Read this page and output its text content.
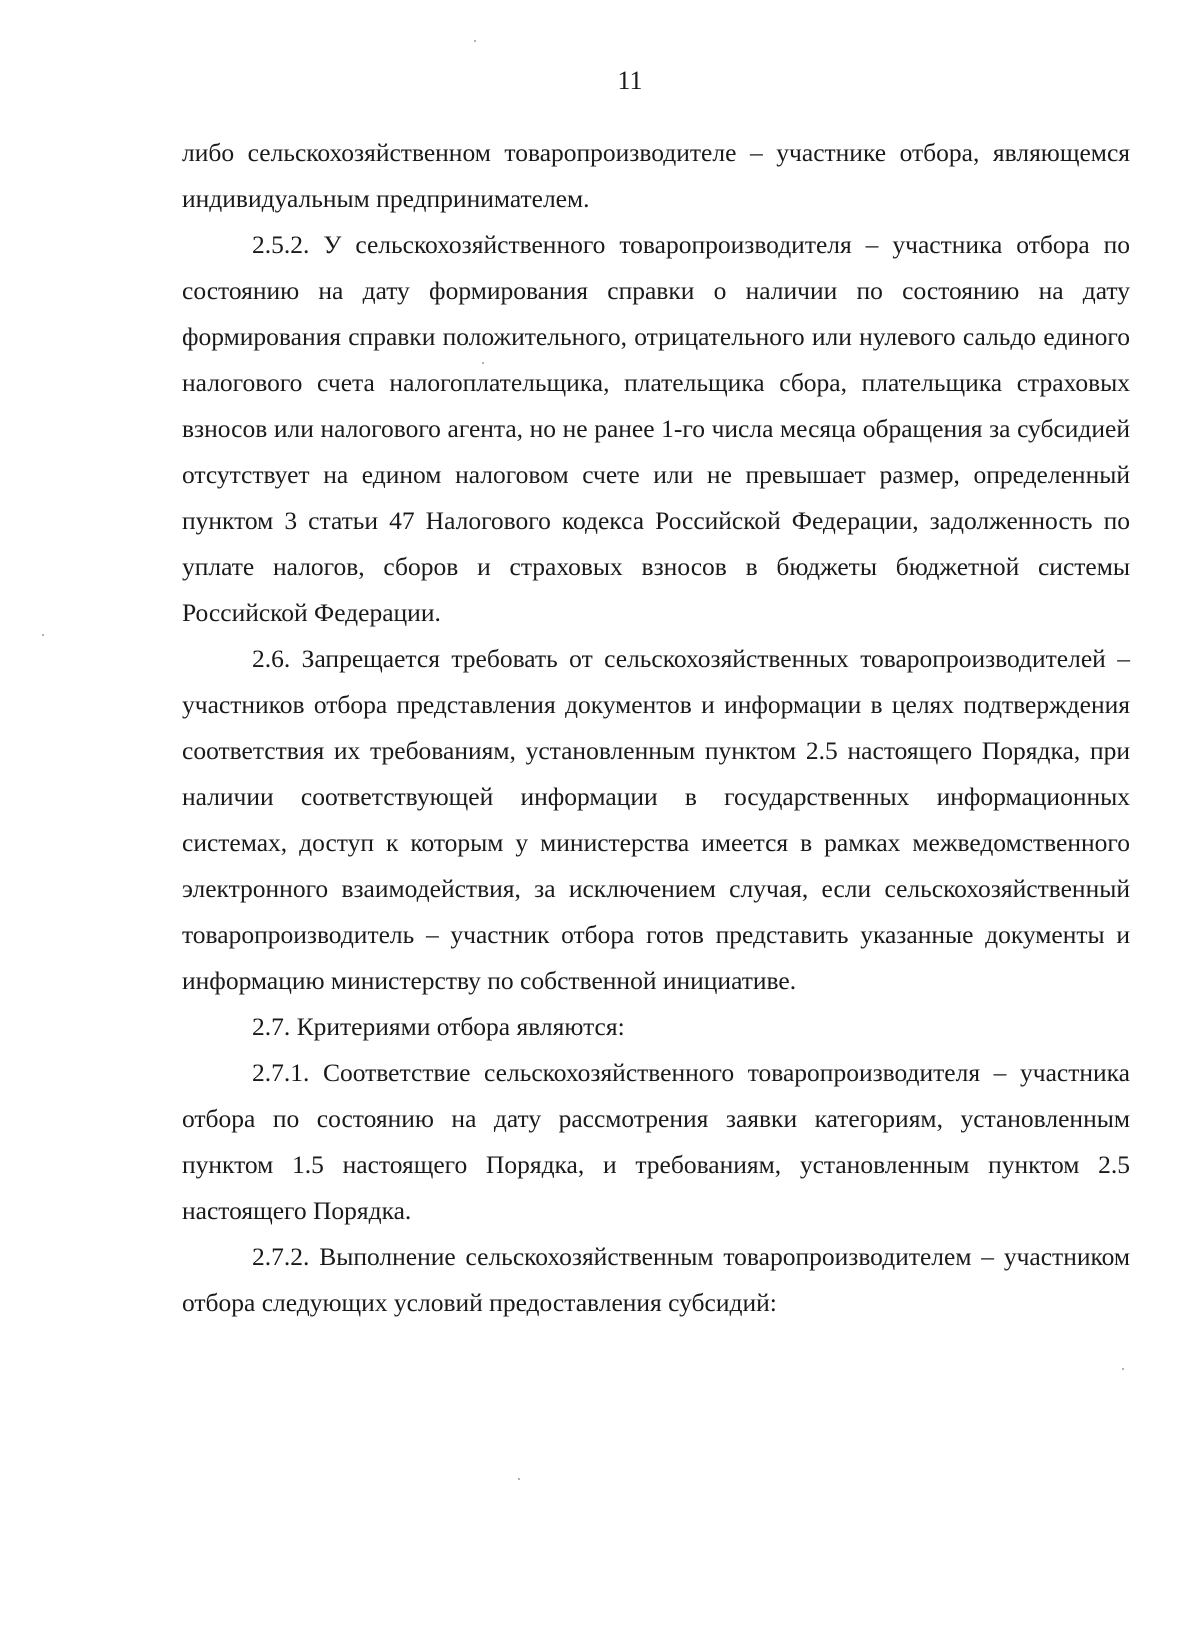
11

либо сельскохозяйственном товаропроизводителе – участнике отбора, являющемся индивидуальным предпринимателем.

2.5.2. У сельскохозяйственного товаропроизводителя – участника отбора по состоянию на дату формирования справки о наличии по состоянию на дату формирования справки положительного, отрицательного или нулевого сальдо единого налогового счета налогоплательщика, плательщика сбора, плательщика страховых взносов или налогового агента, но не ранее 1-го числа месяца обращения за субсидией отсутствует на едином налоговом счете или не превышает размер, определенный пунктом 3 статьи 47 Налогового кодекса Российской Федерации, задолженность по уплате налогов, сборов и страховых взносов в бюджеты бюджетной системы Российской Федерации.

2.6. Запрещается требовать от сельскохозяйственных товаропроизводителей – участников отбора представления документов и информации в целях подтверждения соответствия их требованиям, установленным пунктом 2.5 настоящего Порядка, при наличии соответствующей информации в государственных информационных системах, доступ к которым у министерства имеется в рамках межведомственного электронного взаимодействия, за исключением случая, если сельскохозяйственный товаропроизводитель – участник отбора готов представить указанные документы и информацию министерству по собственной инициативе.

2.7. Критериями отбора являются:

2.7.1. Соответствие сельскохозяйственного товаропроизводителя – участника отбора по состоянию на дату рассмотрения заявки категориям, установленным пунктом 1.5 настоящего Порядка, и требованиям, установленным пунктом 2.5 настоящего Порядка.

2.7.2. Выполнение сельскохозяйственным товаропроизводителем – участником отбора следующих условий предоставления субсидий:
